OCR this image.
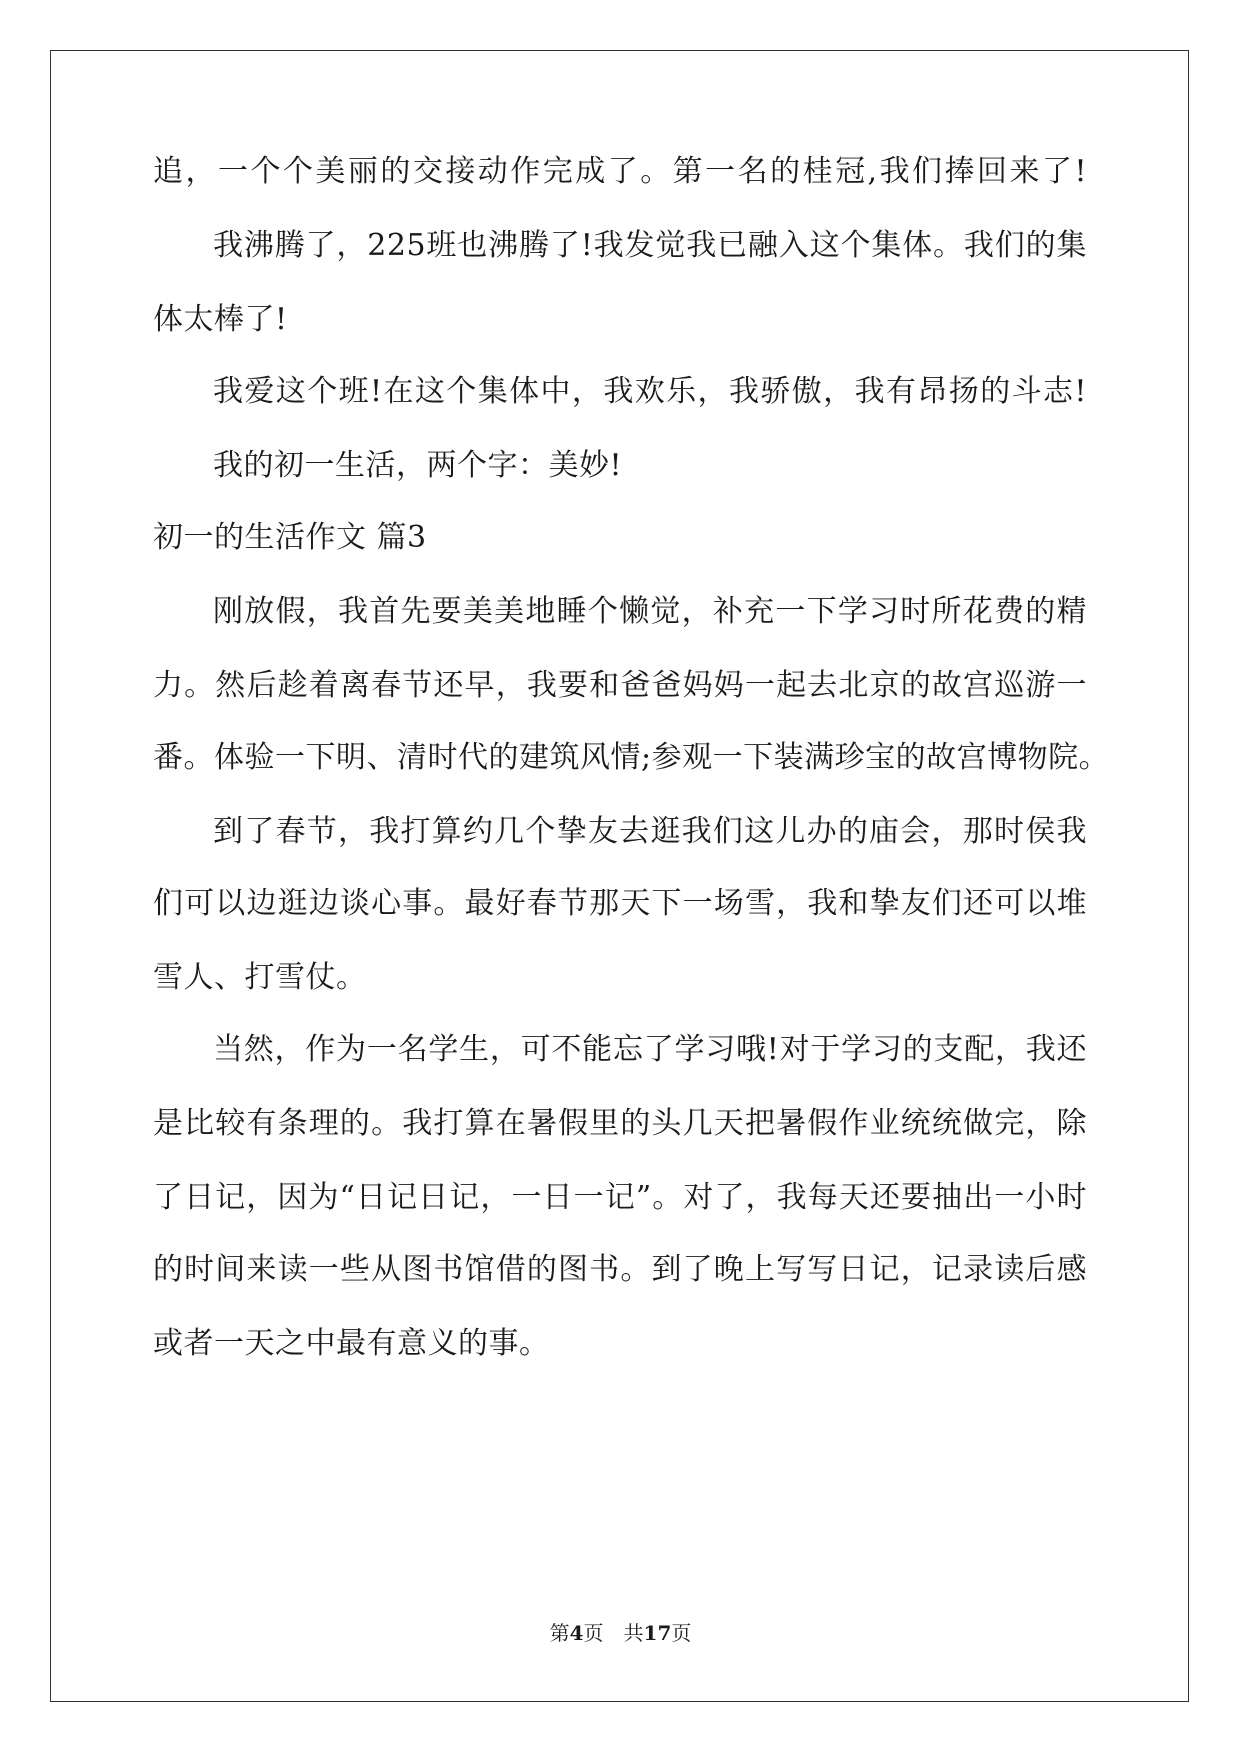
追，一个个美丽的交接动作完成了。第一名的桂冠,我们捧回来了!
我沸腾了，225班也沸腾了!我发觉我已融入这个集体。我们的集
体太棒了!
我爱这个班!在这个集体中，我欢乐，我骄傲，我有昂扬的斗志!
我的初一生活，两个字：美妙!
初一的生活作文 篇3
刚放假，我首先要美美地睡个懒觉，补充一下学习时所花费的精
力。然后趁着离春节还早，我要和爸爸妈妈一起去北京的故宫巡游一
番。体验一下明、清时代的建筑风情;参观一下装满珍宝的故宫博物院。
到了春节，我打算约几个挚友去逛我们这儿办的庙会，那时侯我
们可以边逛边谈心事。最好春节那天下一场雪，我和挚友们还可以堆
雪人、打雪仗。
当然，作为一名学生，可不能忘了学习哦!对于学习的支配，我还
是比较有条理的。我打算在暑假里的头几天把暑假作业统统做完，除
了日记，因为“日记日记，一日一记”。对了，我每天还要抽出一小时
的时间来读一些从图书馆借的图书。到了晚上写写日记，记录读后感
或者一天之中最有意义的事。
第4页　共17页
